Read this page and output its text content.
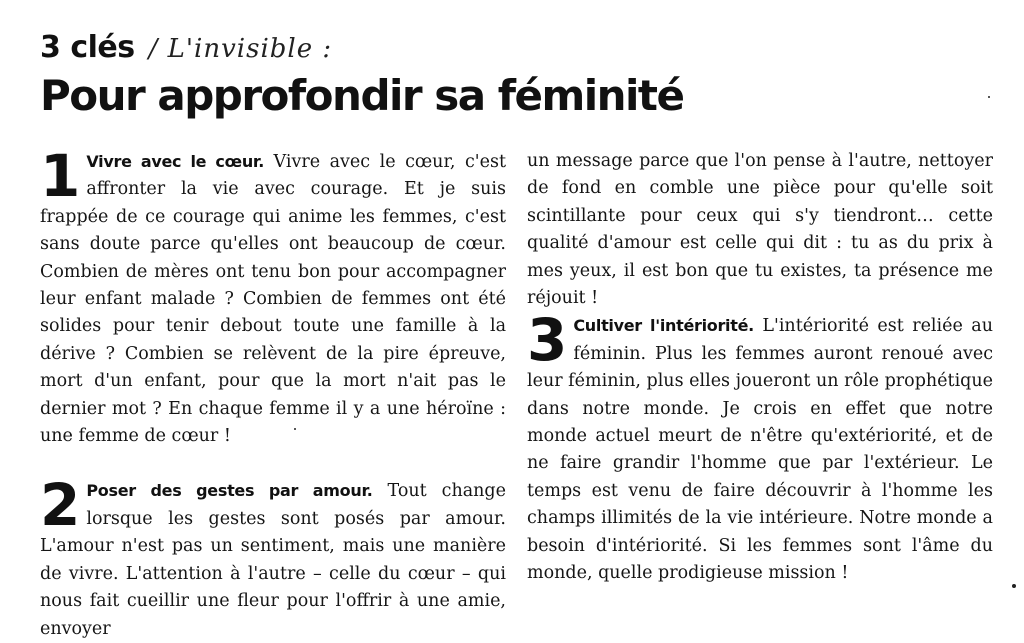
3 clés / L'invisible :
Pour approfondir sa féminité

1 Vivre avec le cœur. Vivre avec le cœur, c'est affronter la vie avec courage. Et je suis frappée de ce courage qui anime les femmes, c'est sans doute parce qu'elles ont beaucoup de cœur. Combien de mères ont tenu bon pour accompagner leur enfant malade ? Combien de femmes ont été solides pour tenir debout toute une famille à la dérive ? Combien se relèvent de la pire épreuve, mort d'un enfant, pour que la mort n'ait pas le dernier mot ? En chaque femme il y a une héroïne : une femme de cœur !

2 Poser des gestes par amour. Tout change lorsque les gestes sont posés par amour. L'amour n'est pas un sentiment, mais une manière de vivre. L'attention à l'autre – celle du cœur – qui nous fait cueillir une fleur pour l'offrir à une amie, envoyer

un message parce que l'on pense à l'autre, nettoyer de fond en comble une pièce pour qu'elle soit scintillante pour ceux qui s'y tiendront… cette qualité d'amour est celle qui dit : tu as du prix à mes yeux, il est bon que tu existes, ta présence me réjouit !

3 Cultiver l'intériorité. L'intériorité est reliée au féminin. Plus les femmes auront renoué avec leur féminin, plus elles joueront un rôle prophétique dans notre monde. Je crois en effet que notre monde actuel meurt de n'être qu'extériorité, et de ne faire grandir l'homme que par l'extérieur. Le temps est venu de faire découvrir à l'homme les champs illimités de la vie intérieure. Notre monde a besoin d'intériorité. Si les femmes sont l'âme du monde, quelle prodigieuse mission !
